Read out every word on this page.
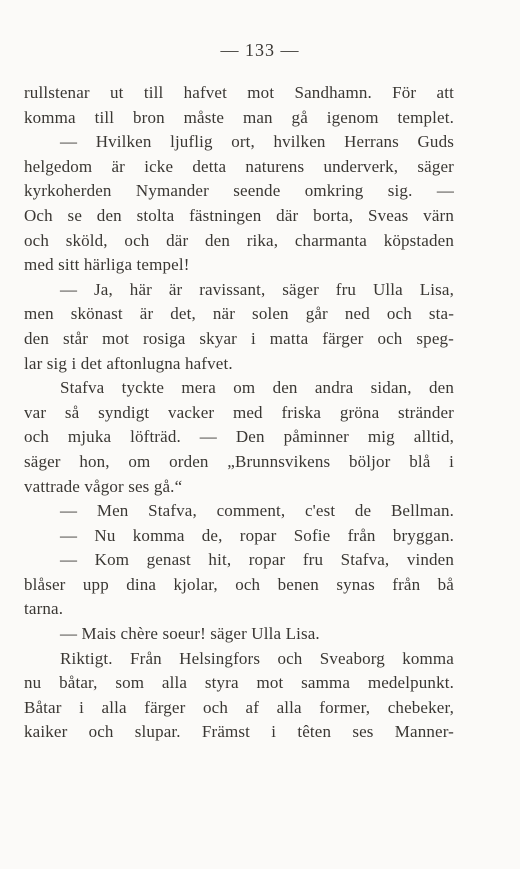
— 133 —
rullstenar ut till hafvet mot Sandhamn. För att
komma till bron måste man gå igenom templet.
— Hvilken ljuflig ort, hvilken Herrans Guds
helgedom är icke detta naturens underverk, säger
kyrkoherden Nymander seende omkring sig. —
Och se den stolta fästningen där borta, Sveas värn
och sköld, och där den rika, charmanta köpstaden
med sitt härliga tempel!
— Ja, här är ravissant, säger fru Ulla Lisa,
men skönast är det, när solen går ned och sta-
den står mot rosiga skyar i matta färger och speg-
lar sig i det aftonlugna hafvet.
Stafva tyckte mera om den andra sidan, den
var så syndigt vacker med friska gröna stränder
och mjuka löfträd. — Den påminner mig alltid,
säger hon, om orden „Brunnsvikens böljor blå i
vattrade vågor ses gå.“
— Men Stafva, comment, c'est de Bellman.
— Nu komma de, ropar Sofie från bryggan.
— Kom genast hit, ropar fru Stafva, vinden
blåser upp dina kjolar, och benen synas från bå
tarna.
— Mais chère soeur! säger Ulla Lisa.
Riktigt. Från Helsingfors och Sveaborg komma
nu båtar, som alla styra mot samma medelpunkt.
Båtar i alla färger och af alla former, chebeker,
kaiker och slupar. Främst i têten ses Manner-
